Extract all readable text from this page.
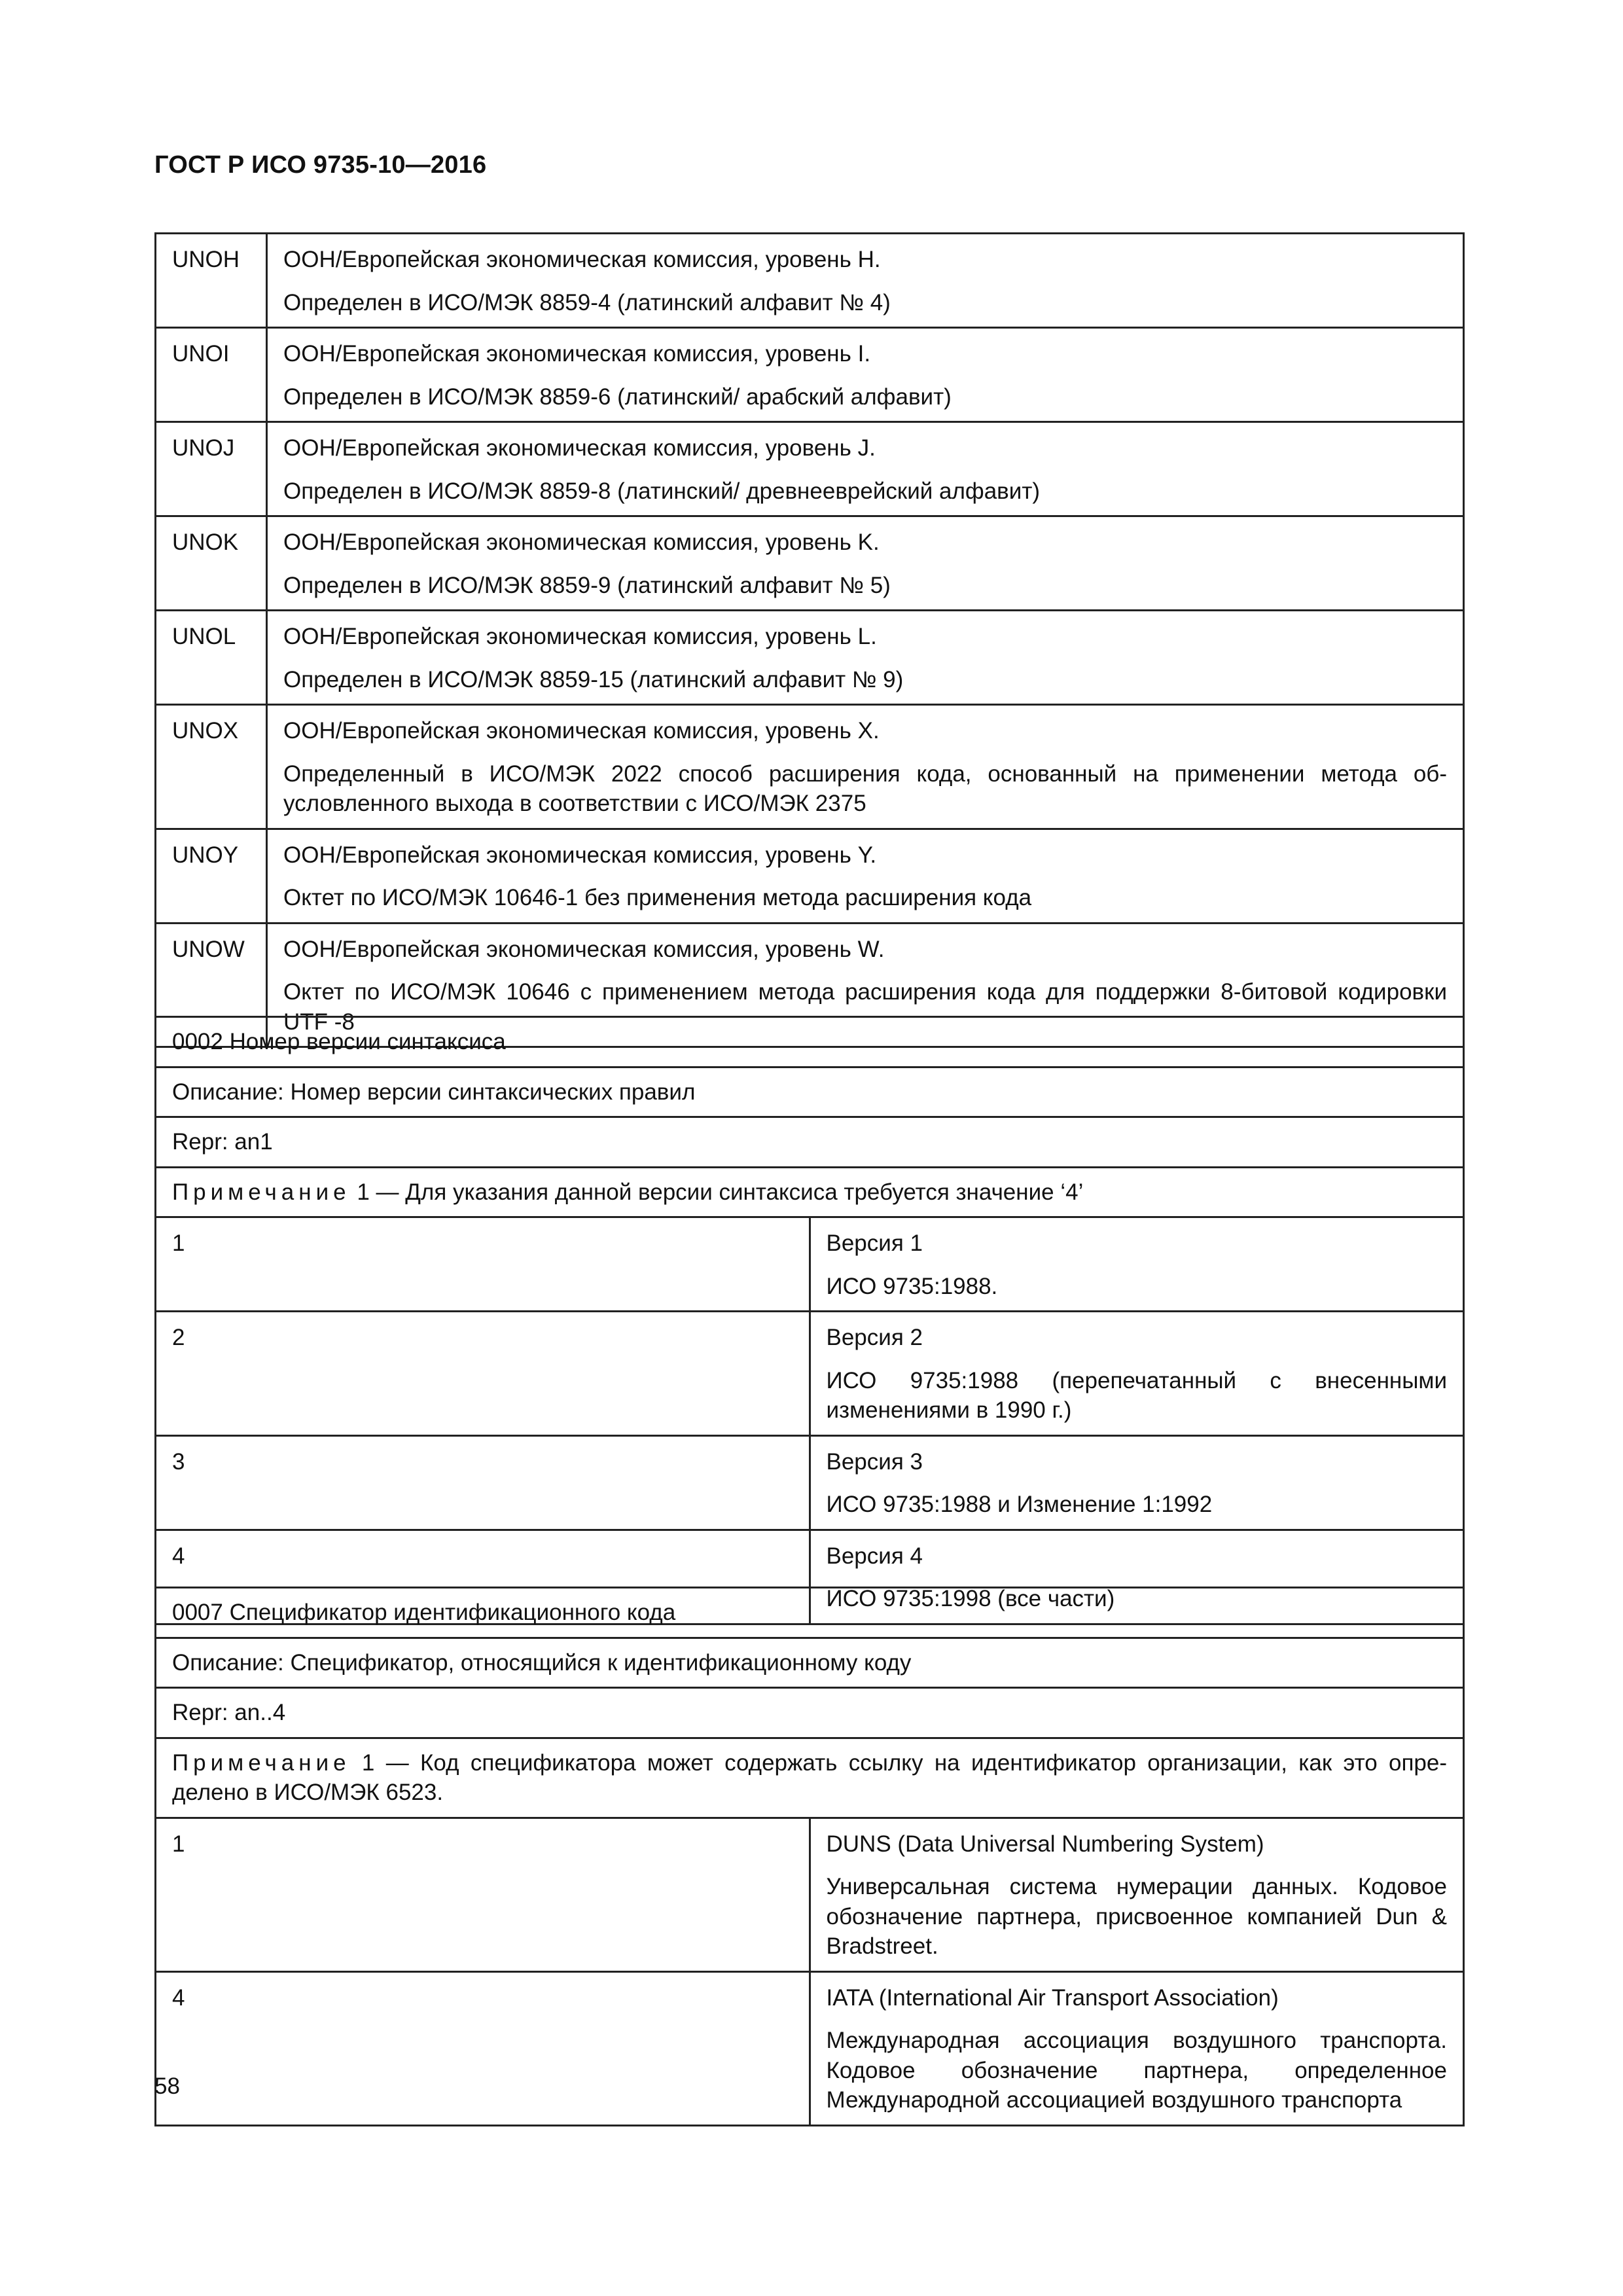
ГОСТ Р ИСО 9735-10—2016
UNOH	ООН/Европейская экономическая комиссия, уровень H.
Определен в ИСО/МЭК 8859-4 (латинский алфавит № 4)

UNOI	ООН/Европейская экономическая комиссия, уровень I.
Определен в ИСО/МЭК 8859-6 (латинский/ арабский алфавит)

UNOJ	ООН/Европейская экономическая комиссия, уровень J.
Определен в ИСО/МЭК 8859-8 (латинский/ древнееврейский алфавит)

UNOK	ООН/Европейская экономическая комиссия, уровень K.
Определен в ИСО/МЭК 8859-9 (латинский алфавит № 5)

UNOL	ООН/Европейская экономическая комиссия, уровень L.
Определен в ИСО/МЭК 8859-15 (латинский алфавит № 9)

UNOX	ООН/Европейская экономическая комиссия, уровень X.
Определенный в ИСО/МЭК 2022 способ расширения кода, основанный на применении метода об-условленного выхода в соответствии с ИСО/МЭК 2375

UNOY	ООН/Европейская экономическая комиссия, уровень Y.
Октет по ИСО/МЭК 10646-1 без применения метода расширения кода

UNOW	ООН/Европейская экономическая комиссия, уровень W.
Октет по ИСО/МЭК 10646 с применением метода расширения кода для поддержки 8-битовой кодировки UTF -8
0002 Номер версии синтаксиса	
Описание: Номер версии синтаксических правил	
Repr: an1	
Примечание 1 — Для указания данной версии синтаксиса требуется значение ‘4’	
1	Версия 1
ИСО 9735:1988.

2	Версия 2
ИСО 9735:1988 (перепечатанный с внесенными изменениями в 1990 г.)

3	Версия 3
ИСО 9735:1988 и Изменение 1:1992

4	Версия 4
ИСО 9735:1998 (все части)
0007 Спецификатор идентификационного кода	
Описание: Спецификатор, относящийся к идентификационному коду	
Repr: an..4	
Примечание 1 — Код спецификатора может содержать ссылку на идентификатор организации, как это опре-делено в ИСО/МЭК 6523.	
1	DUNS (Data Universal Numbering System)
Универсальная система нумерации данных. Кодовое обозначение партнера, присвоенное компанией Dun & Bradstreet.

4	IATA (International Air Transport Association)
Международная ассоциация воздушного транспорта. Кодовое обозначение партнера, определенное Международной ассоциацией воздушного транспорта
58
